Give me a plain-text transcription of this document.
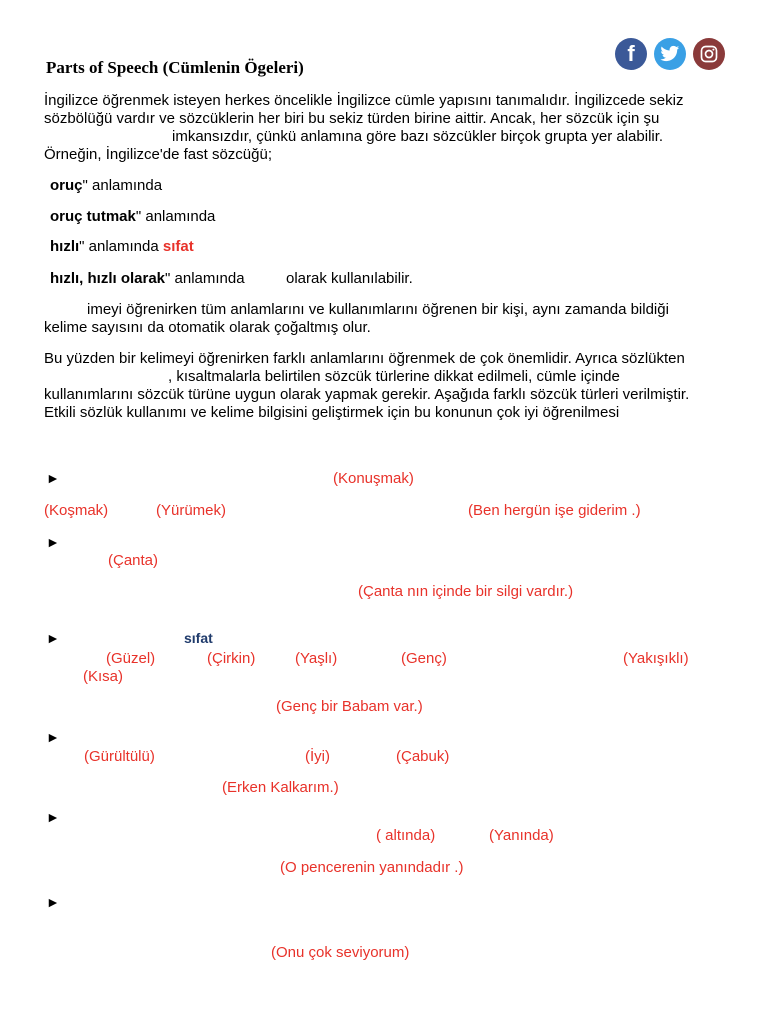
f
Parts of Speech (Cümlenin Ögeleri)
İngilizce öğrenmek isteyen herkes öncelikle İngilizce cümle yapısını tanımalıdır. İngilizcede sekiz
sözbölüğü vardır ve sözcüklerin her biri bu sekiz türden birine aittir. Ancak, her sözcük için şu
imkansızdır, çünkü anlamına göre bazı sözcükler birçok grupta yer alabilir.
Örneğin, İngilizce'de fast sözcüğü;
oruç" anlamında
oruç tutmak" anlamında
hızlı" anlamında sıfat
hızlı, hızlı olarak" anlamında	olarak kullanılabilir.
imeyi öğrenirken tüm anlamlarını ve kullanımlarını öğrenen bir kişi, aynı zamanda bildiği
kelime sayısını da otomatik olarak çoğaltmış olur.
Bu yüzden bir kelimeyi öğrenirken farklı anlamlarını öğrenmek de çok önemlidir. Ayrıca sözlükten
, kısaltmalarla belirtilen sözcük türlerine dikkat edilmeli, cümle içinde
kullanımlarını sözcük türüne uygun olarak yapmak gerekir. Aşağıda farklı sözcük türleri verilmiştir.
Etkili sözlük kullanımı ve kelime bilgisini geliştirmek için bu konunun çok iyi öğrenilmesi
►	(Konuşmak)
(Koşmak)	(Yürümek)	(Ben hergün işe giderim .)
►
(Çanta)
(Çanta nın içinde bir silgi vardır.)
►	sıfat
(Güzel)	(Çirkin)	(Yaşlı)	(Genç)	(Yakışıklı)
(Kısa)
(Genç bir Babam var.)
►
(Gürültülü)	(İyi)	(Çabuk)
(Erken Kalkarım.)
►
( altında)	(Yanında)
(O pencerenin yanındadır .)
►
(Onu çok seviyorum)
